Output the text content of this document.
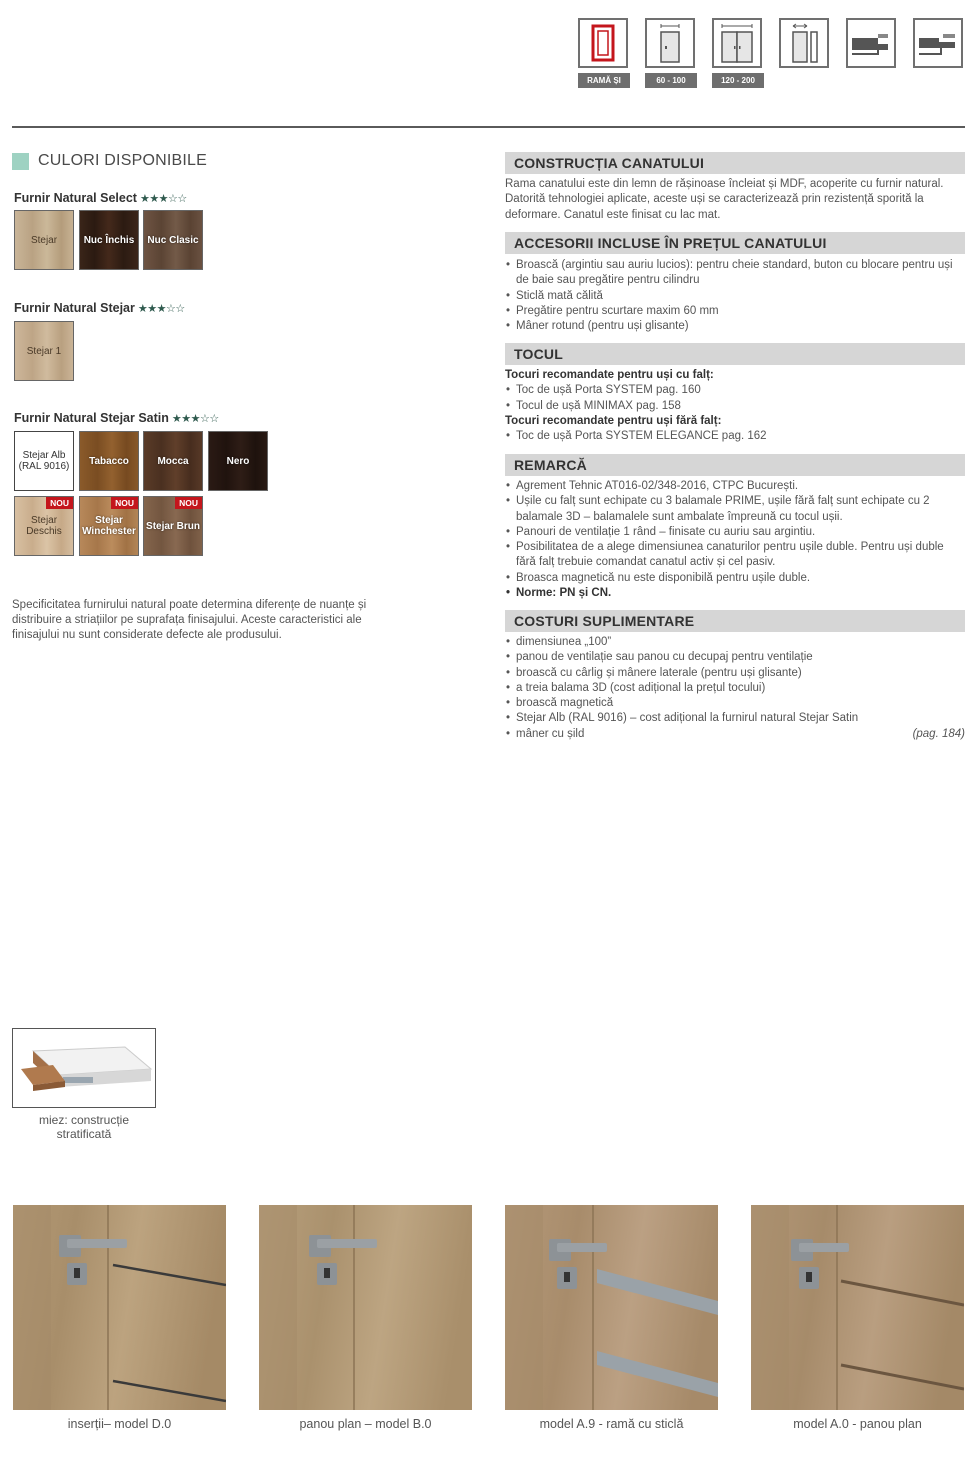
RAMĂ ȘI PANOU
60 - 100	120 - 200
CULORI DISPONIBILE
Furnir Natural Select ★★★☆☆
Stejar	Nuc Închis Nuc Clasic
Furnir Natural Stejar ★★★☆☆
Stejar 1
Furnir Natural Stejar Satin ★★★☆☆
Stejar Alb (RAL 9016)	Tabacco	Mocca	Nero
Stejar Deschis
NOU
Stejar Winchester
NOU
Stejar Brun
NOU
Specificitatea furnirului natural poate determina diferențe de nuanțe și distribuire a striațiilor pe suprafața finisajului. Aceste caracteristici ale finisajului nu sunt considerate defecte ale produsului.
CONSTRUCȚIA CANATULUI
Rama canatului este din lemn de rășinoase încleiat și MDF, acoperite cu furnir natural. Datorită tehnologiei aplicate, aceste uși se caracterizează prin rezistență sporită la deformare. Canatul este finisat cu lac mat.
ACCESORII INCLUSE ÎN PREȚUL CANATULUI
• Broască (argintiu sau auriu lucios): pentru cheie standard, buton cu blocare pentru uși de baie sau pregătire pentru cilindru
• Sticlă mată călită
• Pregătire pentru scurtare maxim 60 mm
• Mâner rotund (pentru uși glisante)
TOCUL
Tocuri recomandate pentru uși cu falț:
• Toc de ușă Porta SYSTEM pag. 160
• Tocul de ușă MINIMAX pag. 158
Tocuri recomandate pentru uși fără falț:
• Toc de ușă Porta SYSTEM ELEGANCE pag. 162
REMARCĂ
• Agrement Tehnic AT016-02/348-2016, CTPC București.
• Ușile cu falț sunt echipate cu 3 balamale PRIME, ușile fără falț sunt echipate cu 2 balamale 3D – balamalele sunt ambalate împreună cu tocul ușii.
• Panouri de ventilație 1 rând – finisate cu auriu sau argintiu.
• Posibilitatea de a alege dimensiunea canaturilor pentru ușile duble. Pentru uși duble fără falț trebuie comandat canatul activ și cel pasiv.
• Broasca magnetică nu este disponibilă pentru ușile duble.
• Norme: PN și CN.
COSTURI SUPLIMENTARE
• dimensiunea „100”
• panou de ventilație sau panou cu decupaj pentru ventilație
• broască cu cârlig și mânere laterale (pentru uși glisante)
• a treia balama 3D (cost adițional la prețul tocului)
• broască magnetică
• Stejar Alb (RAL 9016) – cost adițional la furnirul natural Stejar Satin
• mâner cu șild	(pag. 184)
miez: construcție stratificată
inserții– model D.0	panou plan – model B.0	model A.9 - ramă cu sticlă	model A.0 - panou plan
